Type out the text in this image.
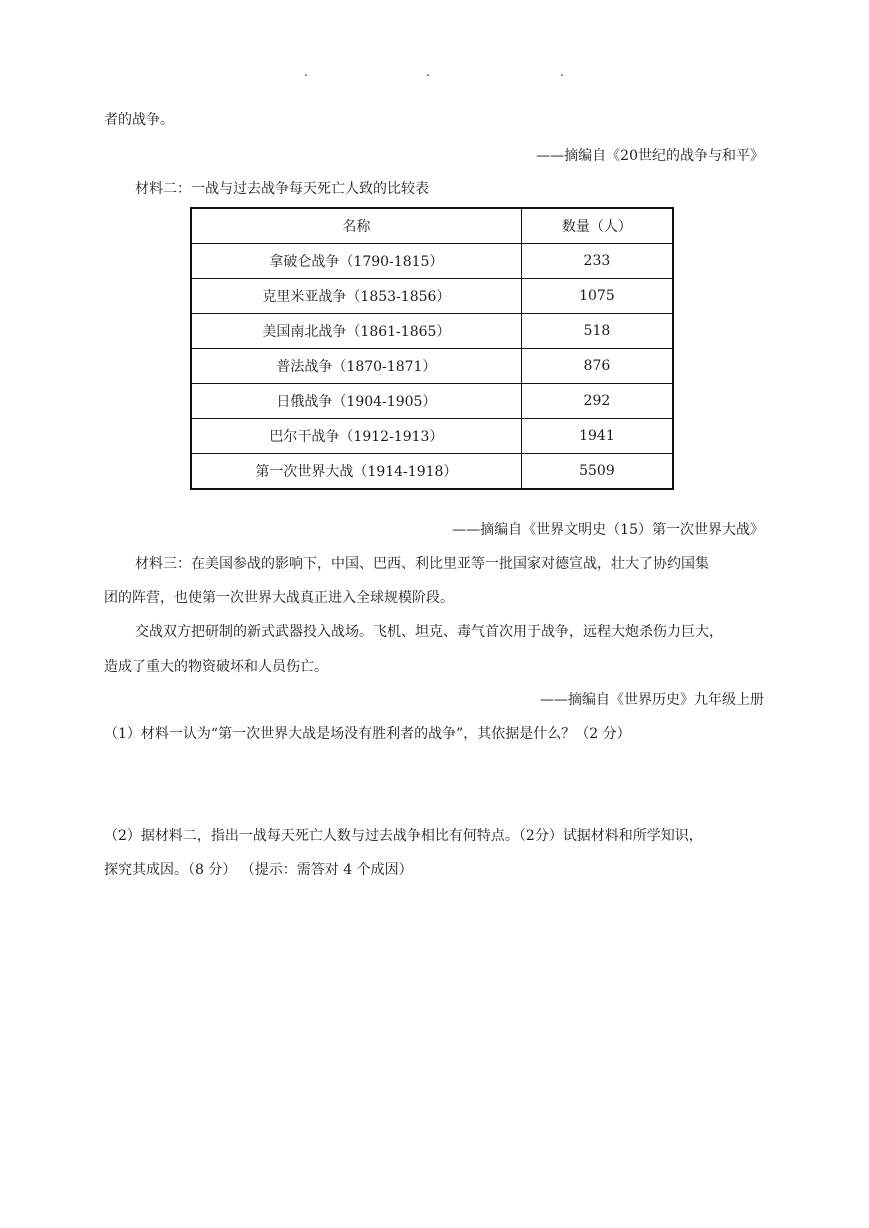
.	.	.
者的战争。
——摘编自《20世纪的战争与和平》
材料二：一战与过去战争每天死亡人致的比较表
名称	数量（人）
拿破仑战争（1790-1815）	233
克里米亚战争（1853-1856）	1075
美国南北战争（1861-1865）	518
普法战争（1870-1871）	876
日俄战争（1904-1905）	292
巴尔干战争（1912-1913）	1941
第一次世界大战（1914-1918）	5509
——摘编自《世界文明史（15）第一次世界大战》
材料三：在美国参战的影响下，中国、巴西、利比里亚等一批国家对德宣战，壮大了协约国集
团的阵营，也使第一次世界大战真正进入全球规模阶段。
交战双方把研制的新式武器投入战场。飞机、坦克、毒气首次用于战争，远程大炮杀伤力巨大，
造成了重大的物资破坏和人员伤亡。
——摘编自《世界历史》九年级上册
（1）材料一认为“第一次世界大战是场没有胜利者的战争”，其依据是什么？（2 分）
（2）据材料二，指出一战每天死亡人数与过去战争相比有何特点。（2分）试据材料和所学知识，
探究其成因。（8 分） （提示：需答对 4 个成因）
